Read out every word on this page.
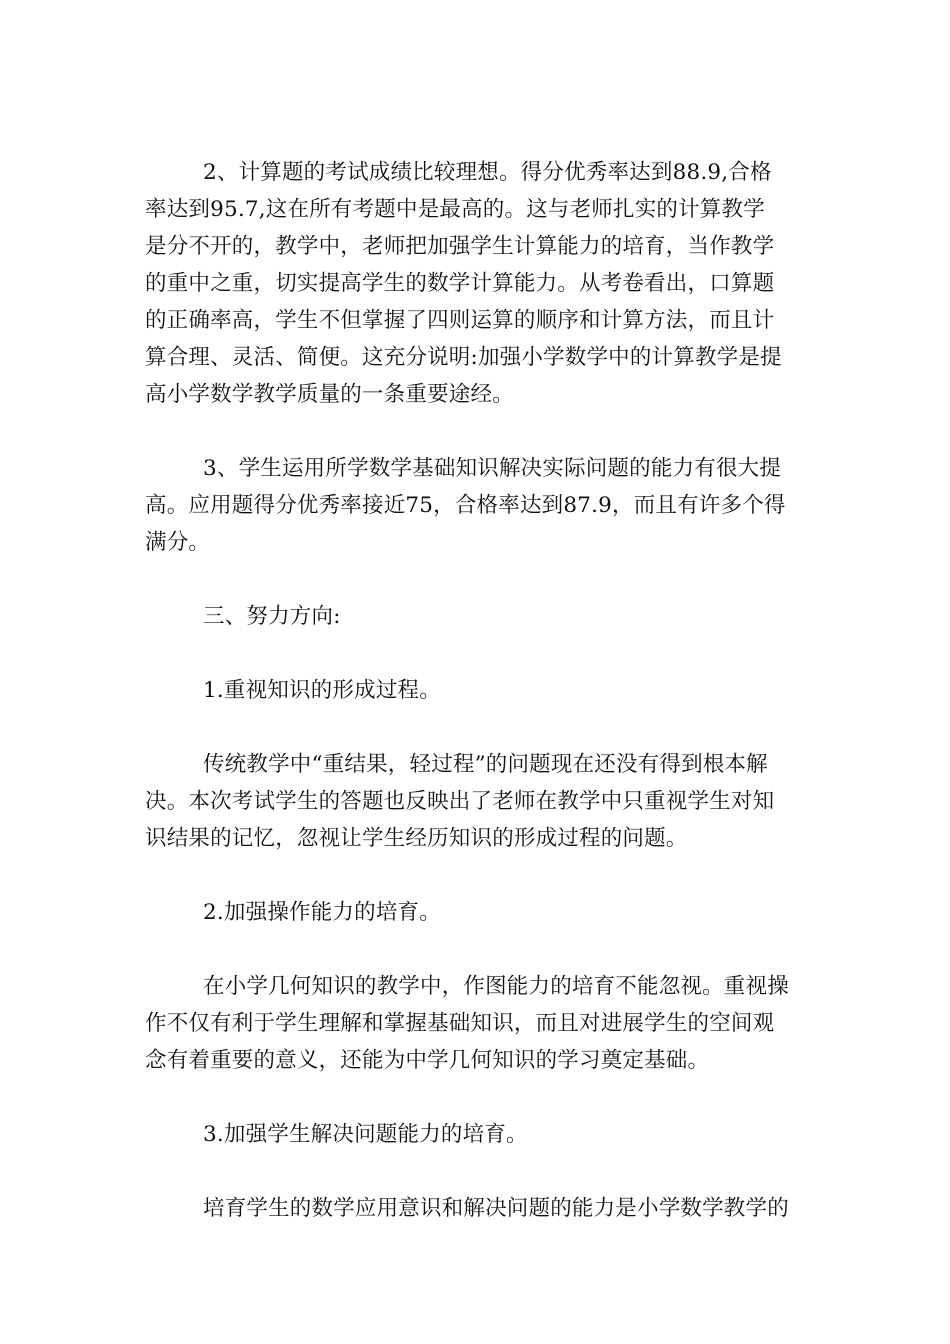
2、计算题的考试成绩比较理想。得分优秀率达到88.9,合格

率达到95.7,这在所有考题中是最高的。这与老师扎实的计算教学

是分不开的，教学中，老师把加强学生计算能力的培育，当作教学

的重中之重，切实提高学生的数学计算能力。从考卷看出，口算题

的正确率高，学生不但掌握了四则运算的顺序和计算方法，而且计

算合理、灵活、简便。这充分说明:加强小学数学中的计算教学是提

高小学数学教学质量的一条重要途经。

3、学生运用所学数学基础知识解决实际问题的能力有很大提

高。应用题得分优秀率接近75，合格率达到87.9，而且有许多个得

满分。

三、努力方向:

1.重视知识的形成过程。

传统教学中“重结果，轻过程”的问题现在还没有得到根本解

决。本次考试学生的答题也反映出了老师在教学中只重视学生对知

识结果的记忆，忽视让学生经历知识的形成过程的问题。

2.加强操作能力的培育。

在小学几何知识的教学中，作图能力的培育不能忽视。重视操

作不仅有利于学生理解和掌握基础知识，而且对进展学生的空间观

念有着重要的意义，还能为中学几何知识的学习奠定基础。

3.加强学生解决问题能力的培育。

培育学生的数学应用意识和解决问题的能力是小学数学教学的
